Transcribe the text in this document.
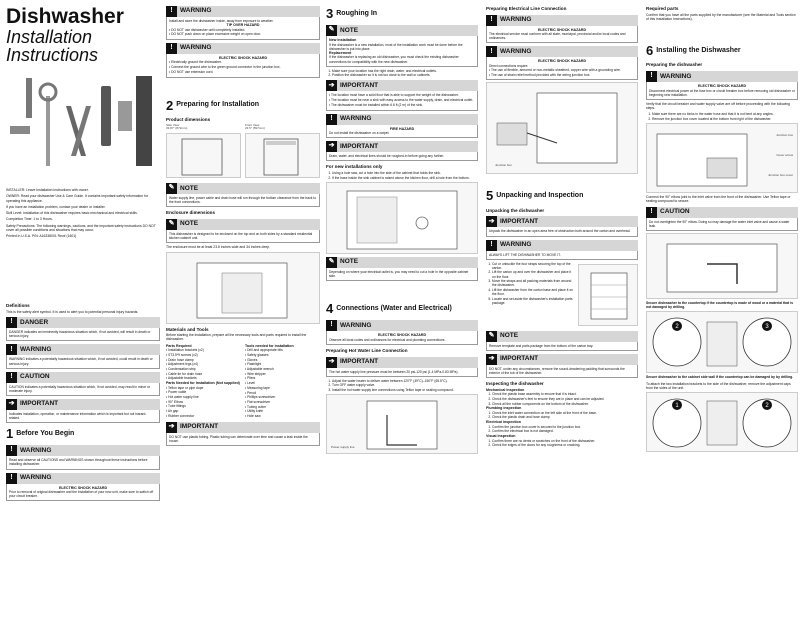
Dishwasher
Installation
Instructions
INSTALLER: Leave Installation Instructions with owner.
OWNER: Read your dishwasher Use & Care Guide. It contains important safety information for operating this appliance.
If you have an installation problem, contact your dealer or installer.
Skill Level: Installation of this dishwasher requires basic mechanical and electrical skills.
Completion Time: 1 to 3 Hours.
Safety Precautions: The following warnings, cautions, and the important safety instructions DO NOT cover all possible conditions and situations that may occur.
Printed in U.S.A. P/N: A16338001 Rev# (1601)
Definitions
This is the safety alert symbol. It is used to alert you to potential personal injury hazards.
!	DANGER
DANGER indicates an imminently hazardous situation which, if not avoided, will result in death or serious injury.
!	WARNING
WARNING indicates a potentially hazardous situation which, if not avoided, could result in death or serious injury.
!	CAUTION
CAUTION indicates a potentially hazardous situation which, if not avoided, may result in minor or moderate injury.
➔ IMPORTANT
Indicates installation, operation, or maintenance information which is important but not hazard-related.
1 Before You Begin
!	WARNING
Read and observe all CAUTIONS and WARNINGS shown throughout these instructions before installing dishwasher.
!	WARNING
ELECTRIC SHOCK HAZARD
Prior to removal of original dishwasher and the installation of your new unit, make sure to switch off your circuit breaker.
!	WARNING
Install and store the dishwasher inside, away from exposure to weather.
TIP OVER HAZARD
• DO NOT use dishwasher until completely installed.
• DO NOT push down on place excessive weight on open door.
!	WARNING
ELECTRIC SHOCK HAZARD
• Electrically ground the dishwasher.
• Connect the ground wire to the green ground connector in the junction box.
• DO NOT use extension cord.
2 Preparing for Installation
Product dimensions
Side View
33.87" (872mm)
Front View
23.5" (597mm)
✎ NOTE
Water supply line, power cable and drain hose will run through the bottom clearance from the back to the front connections.
Enclosure dimensions
✎ NOTE
This dishwasher is designed to be enclosed on the top and on both sides by a standard residential kitchen cabinet unit.
The enclosure must be at least 23.6 inches wide and 34 inches deep.
Materials and Tools
Before starting the installation, prepare all the necessary tools and parts required to install the dishwasher.
Parts Required
• Installation brackets (x2)
• ST3.5*9 screws (x2)
• Drain hose clamp
• Adjustment legs (x4)
• Condensation strip
• Cable tie for drain hose
• Adjustable brackets
Parts Needed for Installation (Not supplied)
• Teflon tape or pipe dope
• Power cable
• Hot water supply line
• 90° Elbow
• Tube fittings
• Air gap
• Rubber connector
Tools needed for installation
• Drill and appropriate bits
• Safety glasses
• Gloves
• Flashlight
• Adjustable wrench
• Wire stripper
• Pliers
• Level
• Measuring tape
• Pencil
• Phillips screwdriver
• Flat screwdriver
• Tubing cutter
• Utility knife
• Hole saw
➔ IMPORTANT
DO NOT use plastic tubing. Plastic tubing can deteriorate over time and cause a leak inside the house.
3 Roughing In
✎ NOTE
New Installation
If the dishwasher is a new installation, most of the installation work must be done before the dishwasher is put into place.
Replacement
If the dishwasher is replacing an old dishwasher, you must check the existing dishwasher connections for compatibility with the new dishwasher.
1. Make sure your location has the right drain, water, and electrical outlets.
2. Position the dishwasher so it is not too close to the wall or cabinets.
➔ IMPORTANT
• The location must have a solid floor that is able to support the weight of the dishwasher.
• The location must be near a sink with easy access to the water supply, drain, and electrical outlet.
• The dishwasher must be installed within 6.6 ft (2 m) of the sink.
!	WARNING
FIRE HAZARD
Do not install the dishwasher on a carpet.
➔ IMPORTANT
Drain, water, and electrical lines should be roughed-in before going any further.
For new installations only
1. Using a hole saw, cut a hole into the side of the cabinet that holds the sink.
2. If the base inside the sink cabinet is raised above the kitchen floor, drill a hole from the bottom.
✎ NOTE
Depending on where your electrical outlet is, you may need to cut a hole in the opposite cabinet side.
4 Connections (Water and Electrical)
!	WARNING
ELECTRIC SHOCK HAZARD
Observe all local codes and ordinances for electrical and plumbing connections.
Preparing Hot Water Line Connection
➔ IMPORTANT
The hot water supply line pressure must be between 20 psi-120 psi (1.4 MPa-0.83 MPa).
1. Adjust the water heater to deliver water between 120°F (49°C)–150°F (65.5°C).
2. Turn OFF water supply valve.
3. Install the hot water supply line connections using Teflon tape or sealing compound.
Power supply line
Preparing Electrical Line Connection
!	WARNING
ELECTRIC SHOCK HAZARD
The electrical service must conform with all state, municipal, provincial and/or local codes and ordinances.
!	WARNING
ELECTRIC SHOCK HAZARD
Direct connections require:
• The use of flexible, armored or non-metallic sheathed, copper wire with a grounding wire.
• The use of strain relief method provided with the wiring junction box.
Junction box
5 Unpacking and Inspection
Unpacking the dishwasher
➔ IMPORTANT
Unpack the dishwasher in an open area free of obstruction both around the carton and overhead.
!	WARNING
ALWAYS LIFT THE DISHWASHER TO MOVE IT.
1. Cut or unbuckle the four straps securing the top of the carton.
2. Lift the carton up and over the dishwasher and place it on the floor.
3. Move the straps and all packing materials from around the dishwasher.
4. Lift the dishwasher from the carton base and place it on the floor.
5. Locate and set aside the dishwasher's installation parts package.
✎ NOTE
Remove template and parts package from the bottom of the carton tray.
➔ IMPORTANT
DO NOT, under any circumstances, remove the sound-deadening padding that surrounds the exterior of the tub of the dishwasher.
Inspecting the dishwasher
Mechanical inspection
1. Check the plastic base assembly to ensure that it is intact.
2. Check the dishwasher's feet to ensure they are in place and can be adjusted.
3. Check all the rubber components on the bottom of the dishwasher.
Plumbing inspection
1. Check the inlet water connection on the left side at the front of the base.
2. Check the plastic drain and hose clamp.
Electrical inspection
1. Confirm the junction box cover is secured to the junction box.
2. Confirm the electrical box is not damaged.
Visual inspection
1. Confirm there are no dents or scratches on the front of the dishwasher.
2. Check the edges of the doors for any roughness or cracking.
Required parts
Confirm that you have all the parts supplied by the manufacturer (see the Material and Tools section of this Installation Instructions).
6 Installing the Dishwasher
Preparing the dishwasher
!	WARNING
ELECTRIC SHOCK HAZARD
Disconnect electrical power at the fuse box or circuit breaker box before removing old dishwasher or beginning new installation.
Verify that the circuit breaker and water supply valve are off before proceeding with the following steps.
1. Make sure there are no kinks in the water hose and that it is not bent at any angles.
2. Remove the junction box cover located at the bottom front right of the dishwasher.
Junction box
Cover screw
Junction box cover
Connect the 90° elbow joint to the inlet valve from the front of the dishwasher. Use Teflon tape or sealing compound to secure.
!	CAUTION
Do not overtighten the 90° elbow. Doing so may damage the water inlet valve and cause a water leak.
Secure dishwasher to the countertop if the countertop is made of wood or a material that is not damaged by drilling.
3
2
Secure dishwasher to the cabinet side wall if the countertop can be damaged by by drilling.
To attach the two installation brackets to the side of the dishwasher, remove the adjustment caps from the sides of the unit.
1	2
